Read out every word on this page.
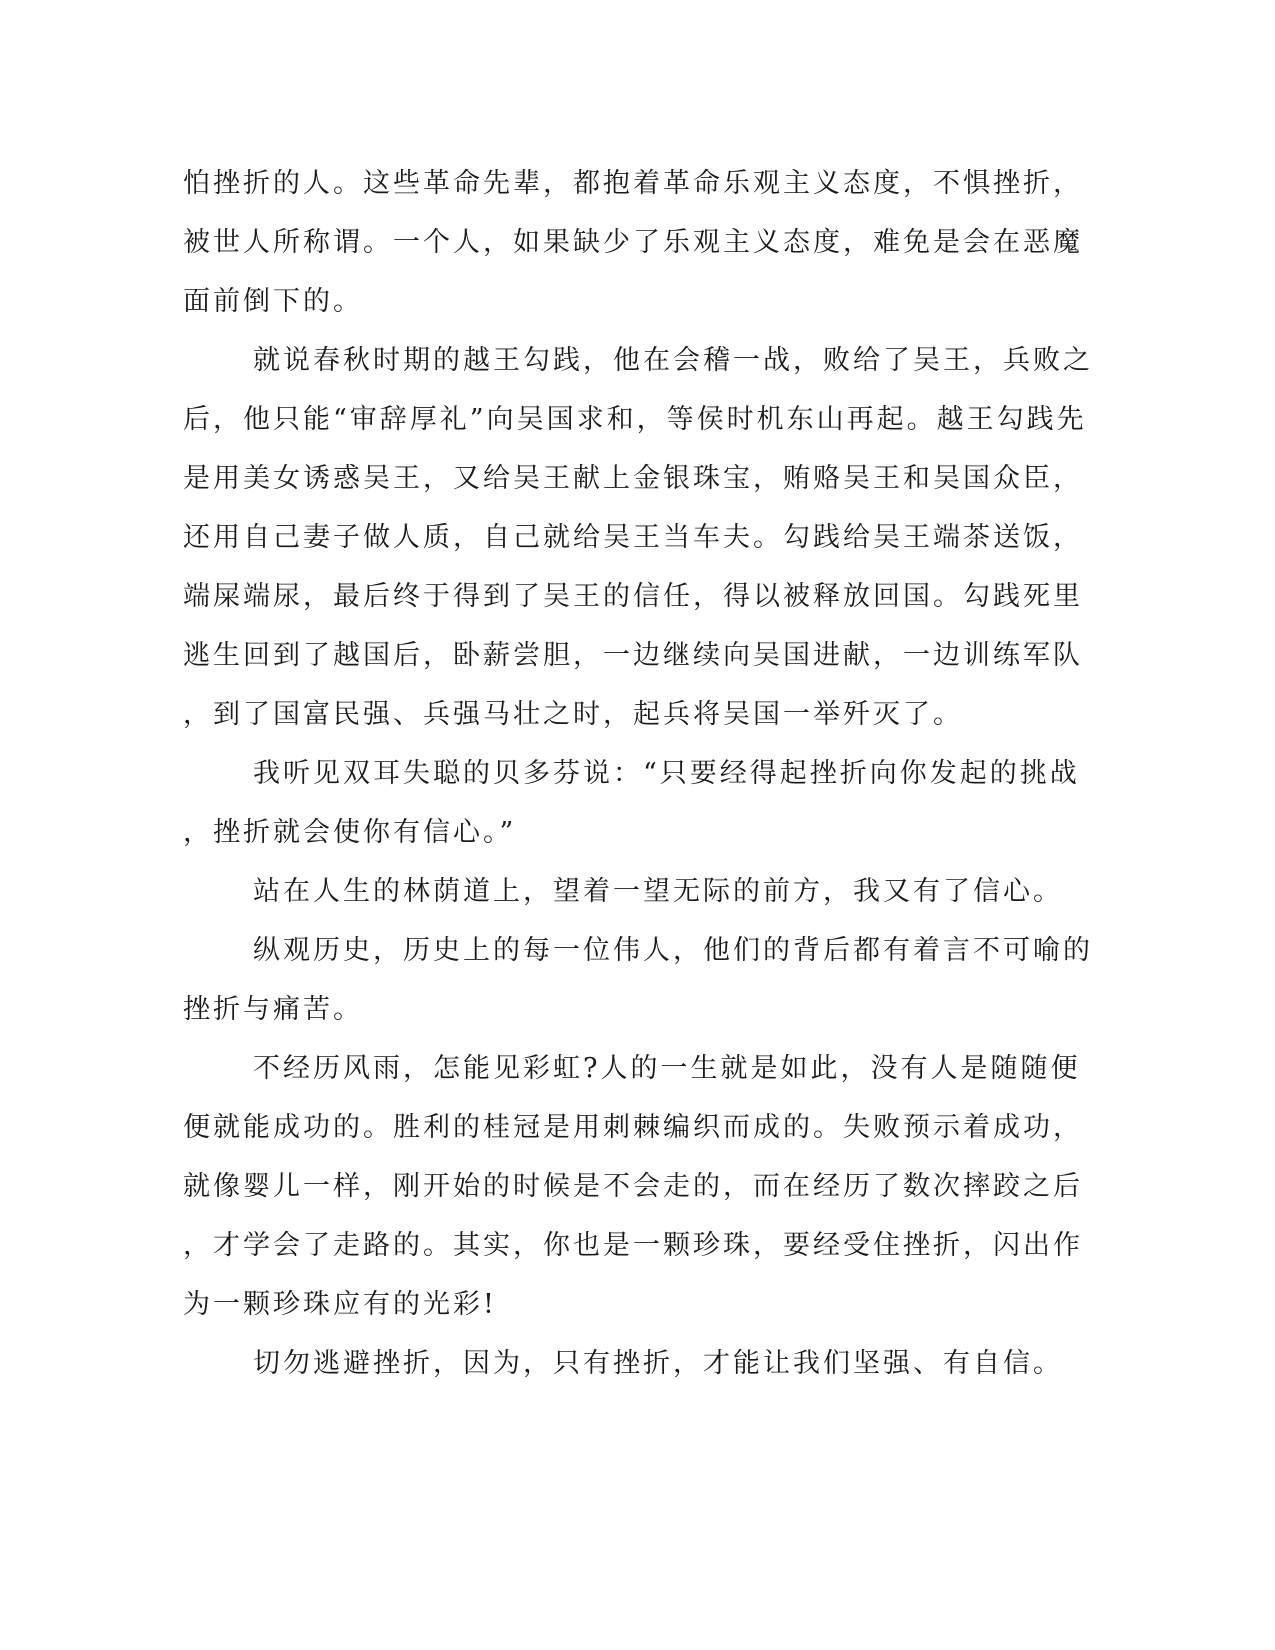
怕挫折的人。这些革命先辈，都抱着革命乐观主义态度，不惧挫折，
被世人所称谓。一个人，如果缺少了乐观主义态度，难免是会在恶魔
面前倒下的。
就说春秋时期的越王勾践，他在会稽一战，败给了吴王，兵败之
后，他只能“审辞厚礼”向吴国求和，等侯时机东山再起。越王勾践先
是用美女诱惑吴王，又给吴王献上金银珠宝，贿赂吴王和吴国众臣，
还用自己妻子做人质，自己就给吴王当车夫。勾践给吴王端茶送饭，
端屎端尿，最后终于得到了吴王的信任，得以被释放回国。勾践死里
逃生回到了越国后，卧薪尝胆，一边继续向吴国进献，一边训练军队
，到了国富民强、兵强马壮之时，起兵将吴国一举歼灭了。
我听见双耳失聪的贝多芬说：“只要经得起挫折向你发起的挑战
，挫折就会使你有信心。”
站在人生的林荫道上，望着一望无际的前方，我又有了信心。
纵观历史，历史上的每一位伟人，他们的背后都有着言不可喻的
挫折与痛苦。
不经历风雨，怎能见彩虹?人的一生就是如此，没有人是随随便
便就能成功的。胜利的桂冠是用刺棘编织而成的。失败预示着成功，
就像婴儿一样，刚开始的时候是不会走的，而在经历了数次摔跤之后
，才学会了走路的。其实，你也是一颗珍珠，要经受住挫折，闪出作
为一颗珍珠应有的光彩!
切勿逃避挫折，因为，只有挫折，才能让我们坚强、有自信。
